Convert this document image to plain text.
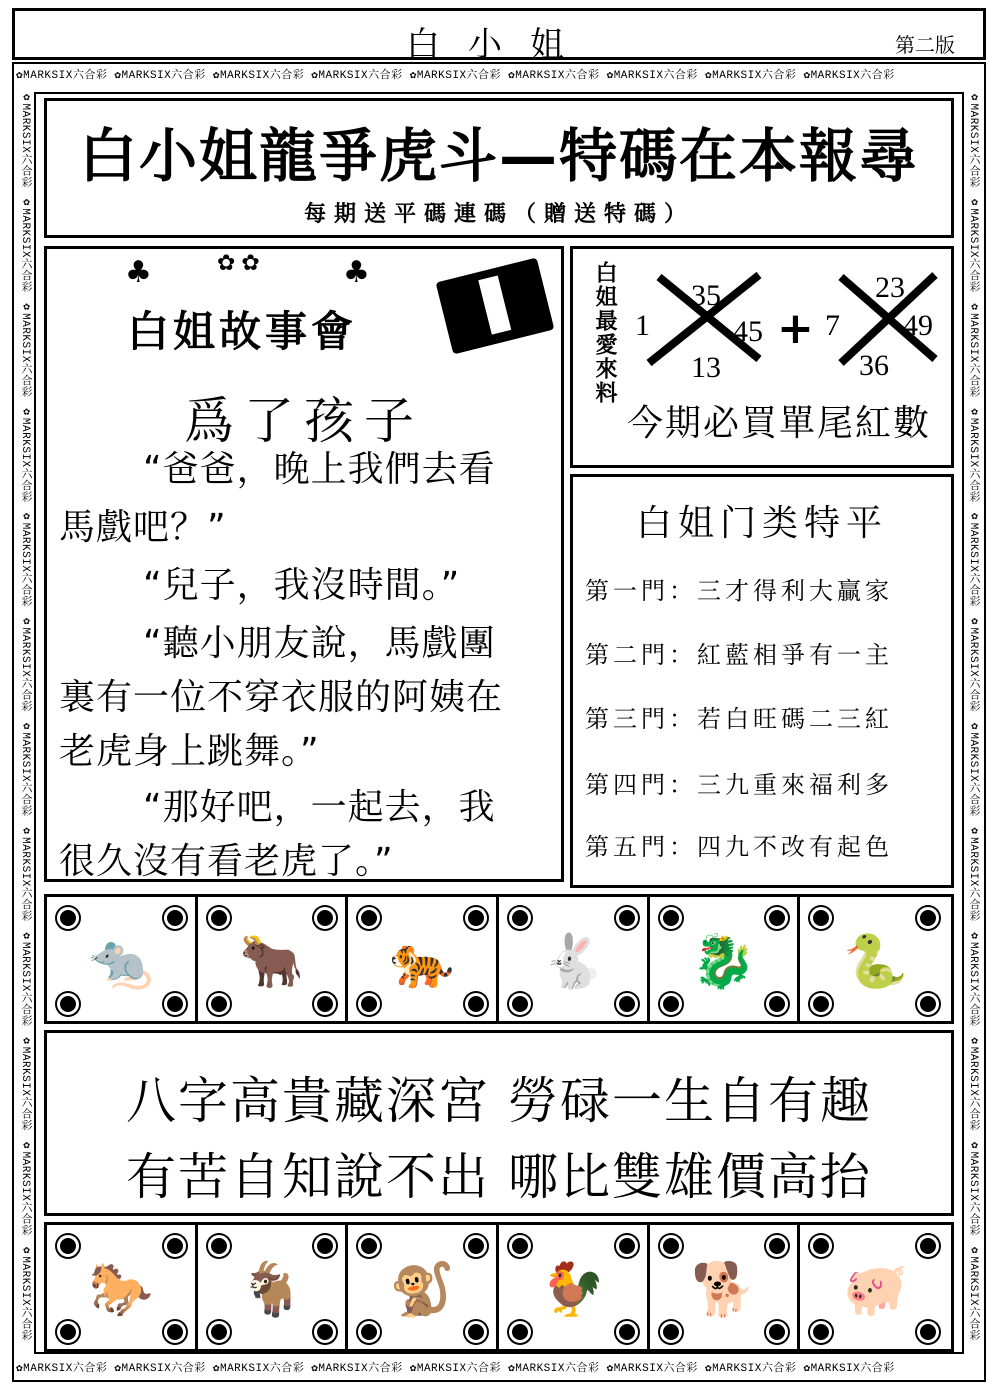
白小姐	第二版
✿MARKSIX六合彩 ✿MARKSIX六合彩 ✿MARKSIX六合彩 ✿MARKSIX六合彩 ✿MARKSIX六合彩 ✿MARKSIX六合彩 ✿MARKSIX六合彩 ✿MARKSIX六合彩 ✿MARKSIX六合彩
✿MARKSIX六合彩 ✿MARKSIX六合彩 ✿MARKSIX六合彩 ✿MARKSIX六合彩 ✿MARKSIX六合彩 ✿MARKSIX六合彩 ✿MARKSIX六合彩 ✿MARKSIX六合彩 ✿MARKSIX六合彩
✿MARKSIX六合彩 ✿MARKSIX六合彩 ✿MARKSIX六合彩 ✿MARKSIX六合彩 ✿MARKSIX六合彩 ✿MARKSIX六合彩 ✿MARKSIX六合彩 ✿MARKSIX六合彩 ✿MARKSIX六合彩 ✿MARKSIX六合彩 ✿MARKSIX六合彩 ✿MARKSIX六合彩	✿MARKSIX六合彩 ✿MARKSIX六合彩 ✿MARKSIX六合彩 ✿MARKSIX六合彩 ✿MARKSIX六合彩 ✿MARKSIX六合彩 ✿MARKSIX六合彩 ✿MARKSIX六合彩 ✿MARKSIX六合彩 ✿MARKSIX六合彩 ✿MARKSIX六合彩 ✿MARKSIX六合彩
白小姐龍爭虎斗—特碼在本報尋
每期送平碼連碼（贈送特碼）
♣	✿✿	♣
白姐故事會
爲了孩子
“爸爸，晚上我們去看
馬戲吧？”
“兒子，我沒時間。”
“聽小朋友說，馬戲團
裏有一位不穿衣服的阿姨在
老虎身上跳舞。”
“那好吧，一起去，我
很久沒有看老虎了。”
白姐最愛來料 35
1	45
13
+
23
7 49
36
今期必買單尾紅數
白姐门类特平
第一門：三才得利大贏家
第二門：紅藍相爭有一主
第三門：若白旺碼二三紅
第四門：三九重來福利多
第五門：四九不改有起色
🐀	🐂	🐅	🐇	🐉	🐍
八字高貴藏深宮 勞碌一生自有趣
有苦自知說不出 哪比雙雄價高抬
🐎	🐐	🐒	🐓	🐕	🐖
